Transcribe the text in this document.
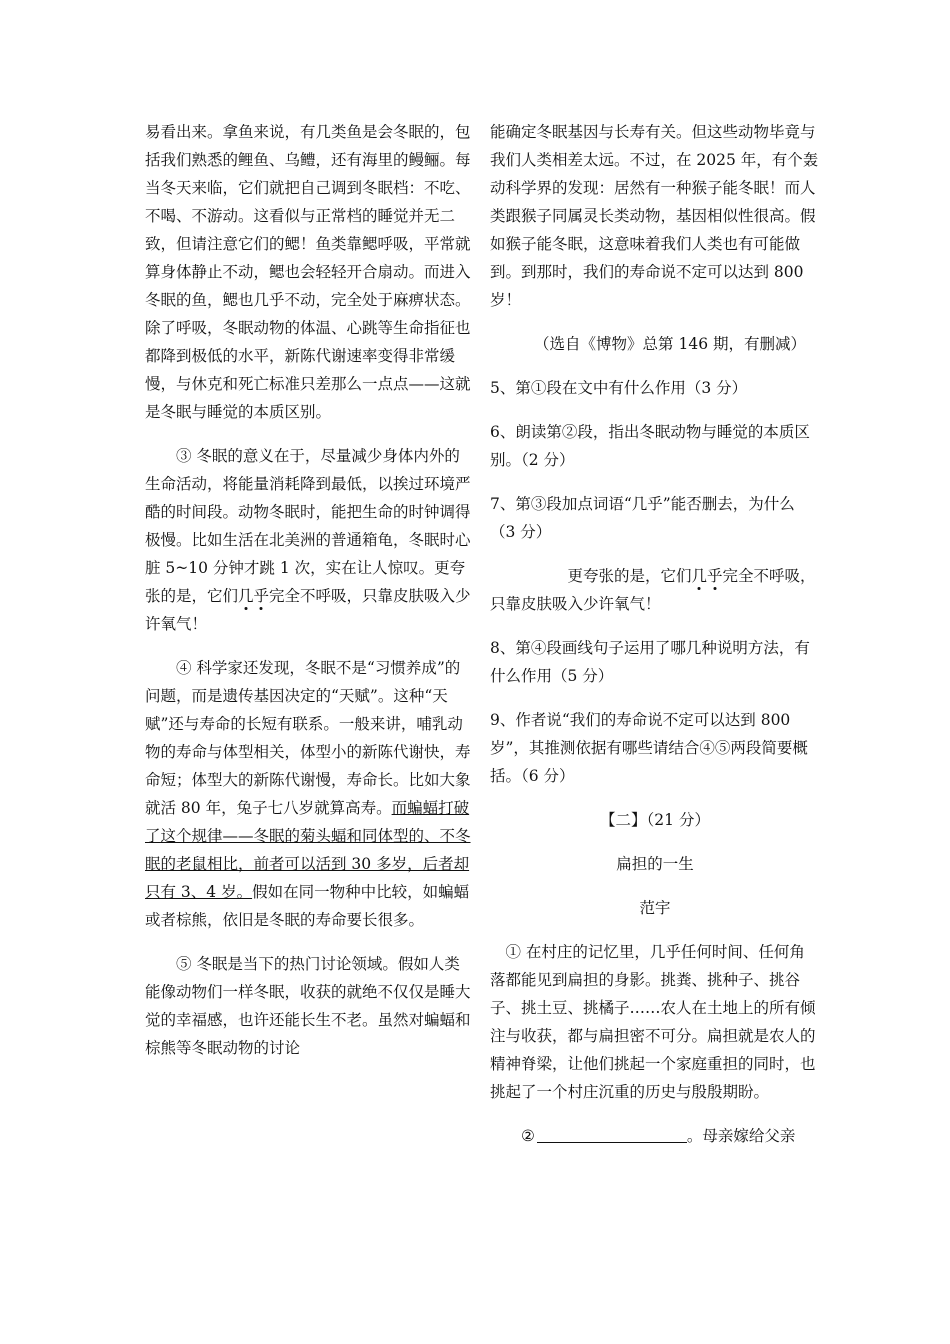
易看出来。拿鱼来说，有几类鱼是会冬眠的，包括我们熟悉的鲤鱼、乌鳢，还有海里的鳗鲡。每当冬天来临，它们就把自己调到冬眠档：不吃、不喝、不游动。这看似与正常档的睡觉并无二致，但请注意它们的鳃！鱼类靠鳃呼吸，平常就算身体静止不动，鳃也会轻轻开合扇动。而进入冬眠的鱼，鳃也几乎不动，完全处于麻痹状态。除了呼吸，冬眠动物的体温、心跳等生命指征也都降到极低的水平，新陈代谢速率变得非常缓慢，与休克和死亡标准只差那么一点点——这就是冬眠与睡觉的本质区别。

③ 冬眠的意义在于，尽量减少身体内外的生命活动，将能量消耗降到最低，以挨过环境严酷的时间段。动物冬眠时，能把生命的时钟调得极慢。比如生活在北美洲的普通箱龟，冬眠时心脏 5~10 分钟才跳 1 次，实在让人惊叹。更夸张的是，它们几乎完全不呼吸，只靠皮肤吸入少许氧气！

④ 科学家还发现，冬眠不是“习惯养成”的问题，而是遗传基因决定的“天赋”。这种“天赋”还与寿命的长短有联系。一般来讲，哺乳动物的寿命与体型相关，体型小的新陈代谢快，寿命短；体型大的新陈代谢慢，寿命长。比如大象就活 80 年，兔子七八岁就算高寿。而蝙蝠打破了这个规律——冬眠的菊头蝠和同体型的、不冬眠的老鼠相比，前者可以活到 30 多岁，后者却只有 3、4 岁。假如在同一物种中比较，如蝙蝠或者棕熊，依旧是冬眠的寿命要长很多。

⑤ 冬眠是当下的热门讨论领域。假如人类能像动物们一样冬眠，收获的就绝不仅仅是睡大觉的幸福感，也许还能长生不老。虽然对蝙蝠和棕熊等冬眠动物的讨论

能确定冬眠基因与长寿有关。但这些动物毕竟与我们人类相差太远。不过，在 2025 年，有个轰动科学界的发现：居然有一种猴子能冬眠！而人类跟猴子同属灵长类动物，基因相似性很高。假如猴子能冬眠，这意味着我们人类也有可能做到。到那时，我们的寿命说不定可以达到 800 岁！

（选自《博物》总第 146 期，有删减）

5、第①段在文中有什么作用（3 分）

6、朗读第②段，指出冬眠动物与睡觉的本质区别。（2 分）

7、第③段加点词语“几乎”能否删去，为什么（3 分）

更夸张的是，它们几乎完全不呼吸，只靠皮肤吸入少许氧气！

8、第④段画线句子运用了哪几种说明方法，有什么作用（5 分）

9、作者说“我们的寿命说不定可以达到 800 岁”，其推测依据有哪些请结合④⑤两段简要概括。（6 分）

【二】（21 分）

扁担的一生

范宇

① 在村庄的记忆里，几乎任何时间、任何角落都能见到扁担的身影。挑粪、挑种子、挑谷子、挑土豆、挑橘子……农人在土地上的所有倾注与收获，都与扁担密不可分。扁担就是农人的精神脊梁，让他们挑起一个家庭重担的同时，也挑起了一个村庄沉重的历史与殷殷期盼。

②	。母亲嫁给父亲
